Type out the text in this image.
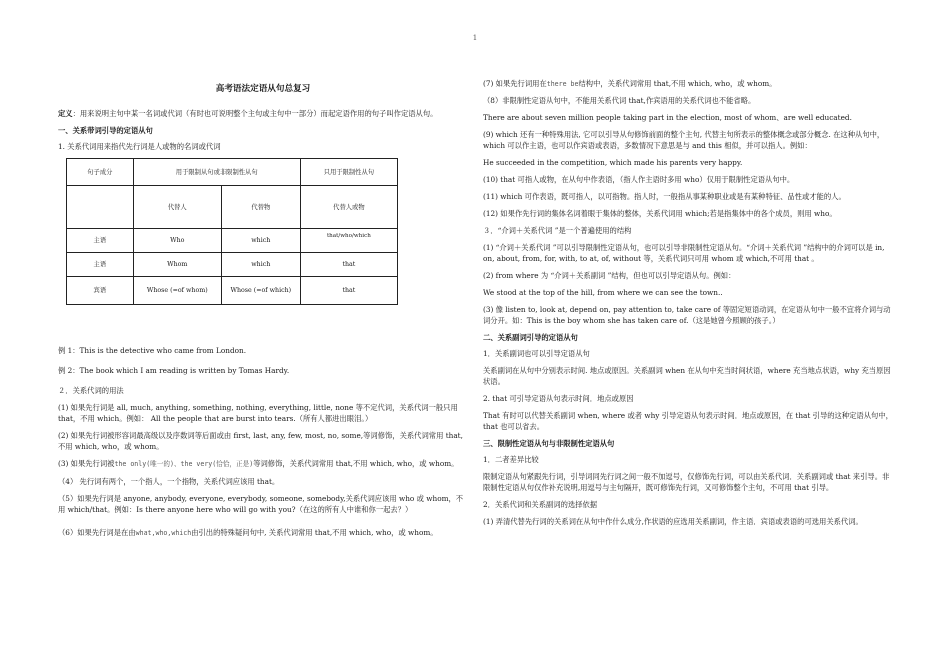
1
高考语法定语从句总复习

定义：用来说明主句中某一名词或代词（有时也可说明整个主句或主句中一部分）而起定语作用的句子叫作定语从句。

一、关系带词引导的定语从句

1. 关系代词用来指代先行词是人或物的名词或代词

句子成分	用于限制从句或非限制性从句		只用于限制性从句
	代替人	代替物	代替人或物
主语	Who	which	that/who/which

主语	Whom	which	that
宾语	Whose (=of whom)	Whose (=of which)	that

例 1：This is the detective who came from London.

例 2：The book which I am reading is written by Tomas Hardy.

２．关系代词的用法

(1) 如果先行词是 all, much, anything, something, nothing, everything, little, none 等不定代词，关系代词一般只用 that，不用 which。例如： All the people that are burst into tears.（所有人都进出眼泪。）

(2) 如果先行词被形容词最高级以及序数词等后面或由 first, last, any, few, most, no, some,等词修饰，关系代词常用 that,不用 which, who，或 whom。

(3) 如果先行词被the only(唯一的)、the very(恰恰，正是)等词修饰，关系代词常用 that,不用 which, who，或 whom。

（4） 先行词有两个，一个指人，一个指物，关系代词应该用 that。

（5）如果先行词是 anyone, anybody, everyone, everybody, someone, somebody,关系代词应该用 who 或 whom，不用 which/that。例如：Is there anyone here who will go with you?（在这的所有人中谁和你一起去？）

（6）如果先行词是在由what,who,which由引出的特殊疑问句中, 关系代词常用 that,不用 which, who，或 whom。

(7) 如果先行词用在there be结构中，关系代词常用 that,不用 which, who，或 whom。

（8）非限制性定语从句中，不能用关系代词 that,作宾语用的关系代词也不能省略。

There are about seven million people taking part in the election, most of whom、are well educated.

(9) which 还有一种特殊用法, 它可以引导从句修饰前面的整个主句, 代替主句所表示的整体概念或部分概念. 在这种从句中，which 可以作主语，也可以作宾语或表语，多数情况下意思是与 and this 相似，并可以指人。例如：

He succeeded in the competition, which made his parents very happy.

(10) that 可指人或物，在从句中作表语，（指人作主语时多用 who）仅用于限制性定语从句中。

(11) which 可作表语，既可指人，以可指物。指人时，一般指从事某种职业或是有某种特征、品性或才能的人。

(12) 如果作先行词的集体名词着眼于集体的整体，关系代词用 which;若是指集体中的各个成员，则用 who。

３．“介词＋关系代词 ”是一个普遍使用的结构

(1) “介词＋关系代词 ”可以引导限制性定语从句，也可以引导非限制性定语从句。“介词＋关系代词 ”结构中的介词可以是 in, on, about, from, for, with, to at, of, without 等，关系代词只可用 whom 或 which,不可用 that 。

(2) from where 为 “介词＋关系副词 ”结构，但也可以引导定语从句。例如：

We stood at the top of the hill, from where we can see the town..

(3) 像 listen to, look at, depend on, pay attention to, take care of 等固定短语动词，在定语从句中一般不宜将介词与动词分开。如：This is the boy whom she has taken care of.（这是她曾今照顾的孩子。）

二、关系副词引导的定语从句

1．关系副词也可以引导定语从句

关系副词在从句中分别表示时间. 地点或原因。关系副词 when 在从句中充当时间状语，where 充当地点状语，why 充当原因状语。

2. that 可引导定语从句表示时间．地点或原因

That 有时可以代替关系副词 when, where 或者 why 引导定语从句表示时间．地点或原因，在 that 引导的这种定语从句中，that 也可以省去。

三、限制性定语从句与非限制性定语从句

1．二者差异比较

限制定语从句紧跟先行词，引导词同先行词之间一般不加逗号，仅修饰先行词，可以由关系代词．关系副词或 that 来引导。非限制性定语从句仅作补充说明,用逗号与主句隔开，既可修饰先行词，又可修饰整个主句，不可用 that 引导。

2．关系代词和关系副词的选择依据

(1) 弄清代替先行词的关系词在从句中作什么成分,作状语的应选用关系副词，作主语．宾语或表语的可选用关系代词。
